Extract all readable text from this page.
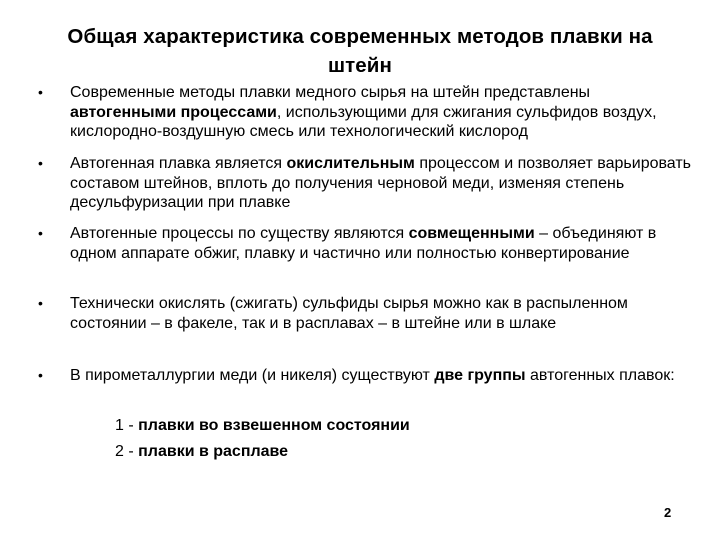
Общая характеристика современных методов плавки на штейн
• Современные методы плавки медного сырья на штейн представлены автогенными процессами, использующими для сжигания сульфидов воздух, кислородно-воздушную смесь или технологический кислород
• Автогенная плавка является окислительным процессом и позволяет варьировать составом штейнов, вплоть до получения черновой меди, изменяя степень десульфуризации при плавке
• Автогенные процессы по существу являются совмещенными – объединяют в одном аппарате обжиг, плавку и частично или полностью конвертирование
• Технически окислять (сжигать) сульфиды сырья можно как в распыленном состоянии – в факеле, так и в расплавах – в штейне или в шлаке
• В пирометаллургии меди (и никеля) существуют две группы автогенных плавок:
1 - плавки во взвешенном состоянии
2 - плавки в расплаве
2
